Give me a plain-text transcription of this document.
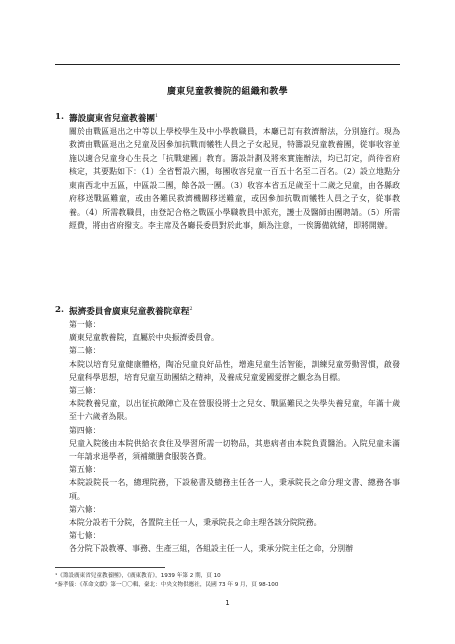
廣東兒童教養院的組織和教學
1. 籌設廣東省兒童教養團$^1$
關於由戰區退出之中等以上學校學生及中小學教職員，本廳已訂有救濟辦法，分別施行。現為救濟由戰區退出之兒童及因參加抗戰而犧牲人員之子女起見，特籌設兒童教養團，從事收容並施以適合兒童身心生長之「抗戰建國」教育。籌設計劃及將來實施辦法，均已訂定，尚待省府核定，其要點如下：（1）全省暫設六團，每團收容兒童一百五十名至二百名。（2）設立地點分東南西北中五區，中區設二團，餘各設一團。（3）收容本省五足歲至十二歲之兒童，由各縣政府移送戰區難童，或由各難民救濟機關移送難童，或因參加抗戰而犧牲人員之子女，從事教養。（4）所需教職員，由登記合格之戰區小學職教員中派充，護士及醫師由團聘請。（5）所需經費，將由省府撥支。李主席及各廳長委員對於此事，頗為注意，一俟籌備就緒，即將開辦。
2. 振濟委員會廣東兒童教養院章程$^2$
第一條：
廣東兒童教養院，直屬於中央振濟委員會。
第二條：
本院以培育兒童健康體格，陶冶兒童良好品性，增進兒童生活智能，訓練兒童勞動習慣，啟發兒童科學思想，培育兒童互助團結之精神，及養成兒童愛國愛群之觀念為目標。
第三條：
本院教養兒童，以出征抗敵陣亡及在營服役將士之兒女、戰區難民之失學失養兒童，年滿十歲至十六歲者為限。
第四條：
兒童入院後由本院供給衣食住及學習所需一切物品，其患病者由本院負責醫治。入院兒童未滿一年請求退學者，須補繳膳食服裝各費。
第五條：
本院設院長一名，總理院務，下設秘書及總務主任各一人，秉承院長之命分理文書、總務各事項。
第六條：
本院分設若干分院，各置院主任一人，秉承院長之命主理各該分院院務。
第七條：
各分院下設教導、事務、生產三組，各組設主任一人，秉承分院主任之命，分別辦
¹《籌設廣東省兒童教養團》，《廣東教育》，1939 年第 2 期，頁 10
²秦孝儀：《革命文獻》第一〇〇輯，臺北：中央文物供應社，民國 73 年 9 月，頁 98-100
1
